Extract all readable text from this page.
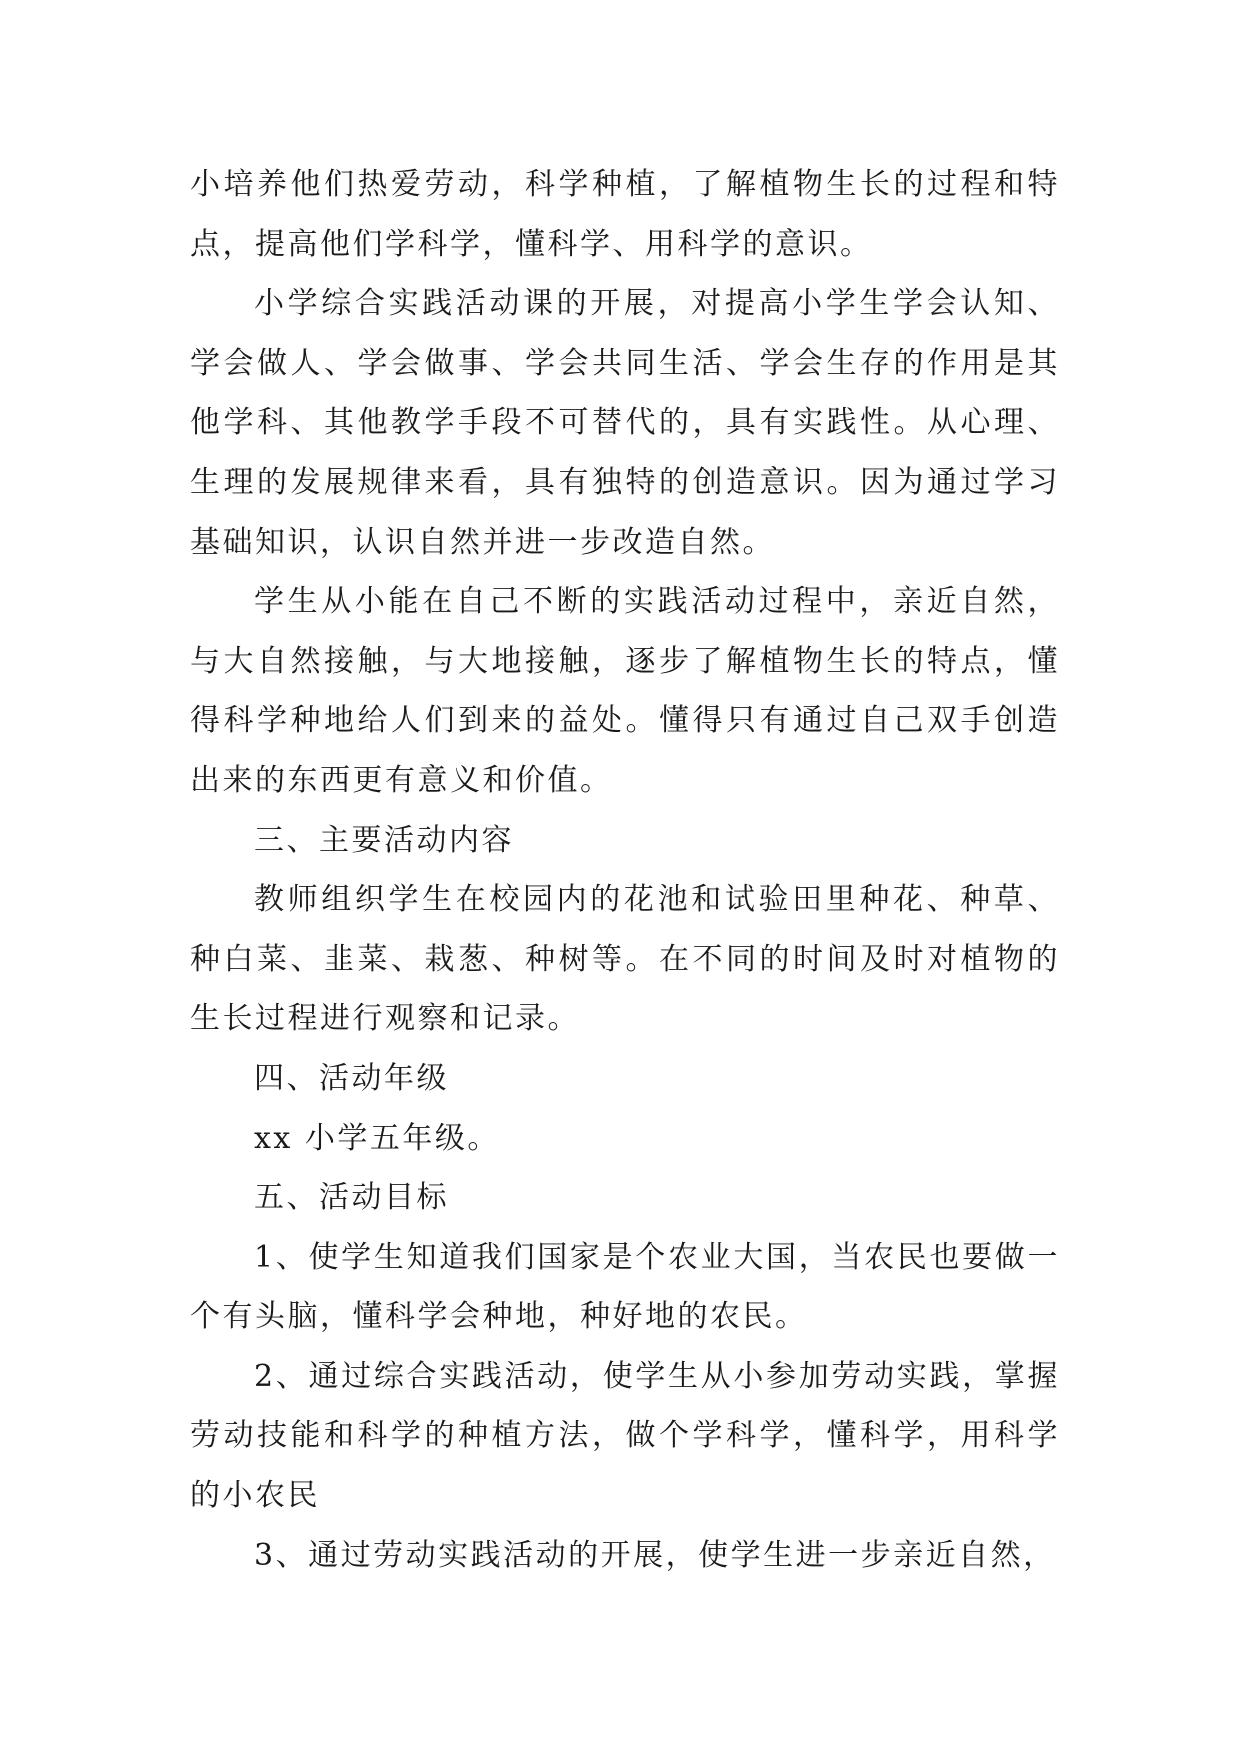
小培养他们热爱劳动，科学种植，了解植物生长的过程和特点，提高他们学科学，懂科学、用科学的意识。

小学综合实践活动课的开展，对提高小学生学会认知、学会做人、学会做事、学会共同生活、学会生存的作用是其他学科、其他教学手段不可替代的，具有实践性。从心理、生理的发展规律来看，具有独特的创造意识。因为通过学习基础知识，认识自然并进一步改造自然。

学生从小能在自己不断的实践活动过程中，亲近自然，与大自然接触，与大地接触，逐步了解植物生长的特点，懂得科学种地给人们到来的益处。懂得只有通过自己双手创造出来的东西更有意义和价值。

三、主要活动内容

教师组织学生在校园内的花池和试验田里种花、种草、种白菜、韭菜、栽葱、种树等。在不同的时间及时对植物的生长过程进行观察和记录。

四、活动年级

xx 小学五年级。

五、活动目标

1、使学生知道我们国家是个农业大国，当农民也要做一个有头脑，懂科学会种地，种好地的农民。

2、通过综合实践活动，使学生从小参加劳动实践，掌握劳动技能和科学的种植方法，做个学科学，懂科学，用科学的小农民

3、通过劳动实践活动的开展，使学生进一步亲近自然，
